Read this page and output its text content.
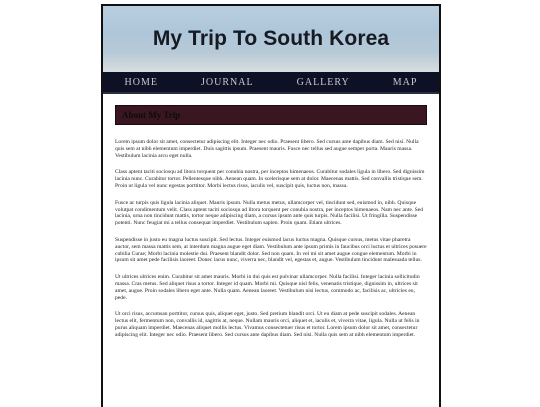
My Trip To South Korea
HOME	JOURNAL	GALLERY	MAP
About My Trip

Lorem ipsum dolor sit amet, consectetur adipiscing elit. Integer nec odio. Praesent libero. Sed cursus ante dapibus diam. Sed nisi. Nulla quis sem at nibh elementum imperdiet. Duis sagittis ipsum. Praesent mauris. Fusce nec tellus sed augue semper porta. Mauris massa. Vestibulum lacinia arcu eget nulla.

Class aptent taciti sociosqu ad litora torquent per conubia nostra, per inceptos himenaeos. Curabitur sodales ligula in libero. Sed dignissim lacinia nunc. Curabitur tortor. Pellentesque nibh. Aenean quam. In scelerisque sem at dolor. Maecenas mattis. Sed convallis tristique sem. Proin ut ligula vel nunc egestas porttitor. Morbi lectus risus, iaculis vel, suscipit quis, luctus non, massa.

Fusce ac turpis quis ligula lacinia aliquet. Mauris ipsum. Nulla metus metus, ullamcorper vel, tincidunt sed, euismod in, nibh. Quisque volutpat condimentum velit. Class aptent taciti sociosqu ad litora torquent per conubia nostra, per inceptos himenaeos. Nam nec ante. Sed lacinia, urna non tincidunt mattis, tortor neque adipiscing diam, a cursus ipsum ante quis turpis. Nulla facilisi. Ut fringilla. Suspendisse potenti. Nunc feugiat mi a tellus consequat imperdiet. Vestibulum sapien. Proin quam. Etiam ultrices.

Suspendisse in justo eu magna luctus suscipit. Sed lectus. Integer euismod lacus luctus magna. Quisque cursus, metus vitae pharetra auctor, sem massa mattis sem, at interdum magna augue eget diam. Vestibulum ante ipsum primis in faucibus orci luctus et ultrices posuere cubilia Curae; Morbi lacinia molestie dui. Praesent blandit dolor. Sed non quam. In vel mi sit amet augue congue elementum. Morbi in ipsum sit amet pede facilisis laoreet. Donec lacus nunc, viverra nec, blandit vel, egestas et, augue. Vestibulum tincidunt malesuada tellus.

Ut ultrices ultrices enim. Curabitur sit amet mauris. Morbi in dui quis est pulvinar ullamcorper. Nulla facilisi. Integer lacinia sollicitudin massa. Cras metus. Sed aliquet risus a tortor. Integer id quam. Morbi mi. Quisque nisl felis, venenatis tristique, dignissim in, ultrices sit amet, augue. Proin sodales libero eget ante. Nulla quam. Aenean laoreet. Vestibulum nisi lectus, commodo ac, facilisis ac, ultricies eu, pede.

Ut orci risus, accumsan porttitor, cursus quis, aliquet eget, justo. Sed pretium blandit orci. Ut eu diam at pede suscipit sodales. Aenean lectus elit, fermentum non, convallis id, sagittis at, neque. Nullam mauris orci, aliquet et, iaculis et, viverra vitae, ligula. Nulla ut felis in purus aliquam imperdiet. Maecenas aliquet mollis lectus. Vivamus consectetuer risus et tortor. Lorem ipsum dolor sit amet, consectetur adipiscing elit. Integer nec odio. Praesent libero. Sed cursus ante dapibus diam. Sed nisi. Nulla quis sem at nibh elementum imperdiet.
